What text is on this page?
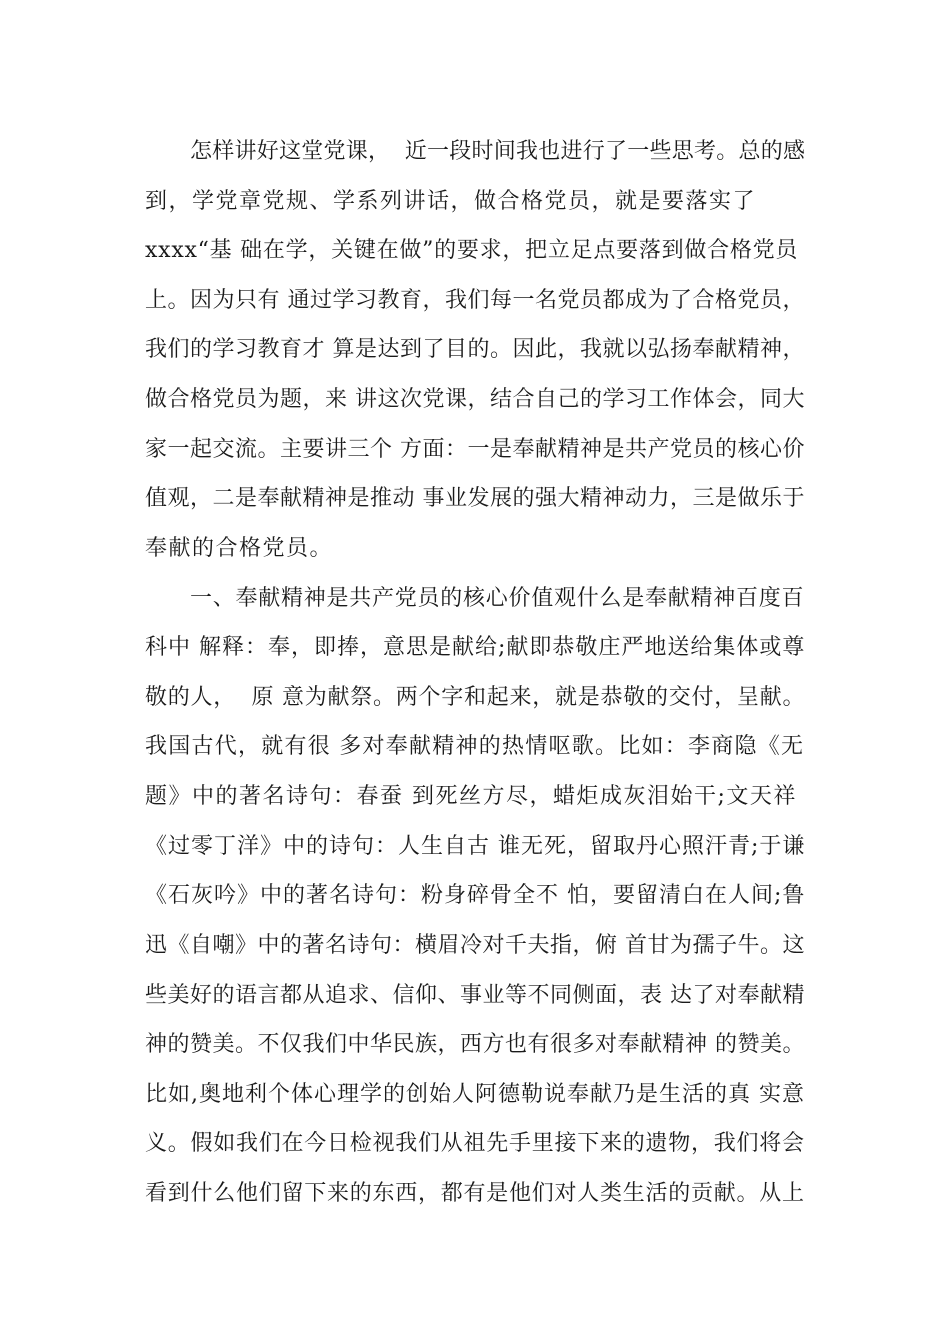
怎样讲好这堂党课，  近一段时间我也进行了一些思考。总的感
到，学党章党规、学系列讲话，做合格党员，就是要落实了
xxxx“基 础在学，关键在做”的要求，把立足点要落到做合格党员
上。因为只有 通过学习教育，我们每一名党员都成为了合格党员，
我们的学习教育才 算是达到了目的。因此，我就以弘扬奉献精神，
做合格党员为题，来 讲这次党课，结合自己的学习工作体会，同大
家一起交流。主要讲三个 方面：一是奉献精神是共产党员的核心价
值观，二是奉献精神是推动 事业发展的强大精神动力，三是做乐于
奉献的合格党员。
一、奉献精神是共产党员的核心价值观什么是奉献精神百度百
科中 解释：奉，即捧，意思是献给;献即恭敬庄严地送给集体或尊
敬的人，  原 意为献祭。两个字和起来，就是恭敬的交付，呈献。
我国古代，就有很 多对奉献精神的热情呕歌。比如：李商隐《无
题》中的著名诗句：春蚕 到死丝方尽，蜡炬成灰泪始干;文天祥
《过零丁洋》中的诗句：人生自古 谁无死，留取丹心照汗青;于谦
《石灰吟》中的著名诗句：粉身碎骨全不 怕，要留清白在人间;鲁
迅《自嘲》中的著名诗句：横眉冷对千夫指，俯 首甘为孺子牛。这
些美好的语言都从追求、信仰、事业等不同侧面，表 达了对奉献精
神的赞美。不仅我们中华民族，西方也有很多对奉献精神 的赞美。
比如,奥地利个体心理学的创始人阿德勒说奉献乃是生活的真 实意
义。假如我们在今日检视我们从祖先手里接下来的遗物，我们将会
看到什么他们留下来的东西，都有是他们对人类生活的贡献。从上
